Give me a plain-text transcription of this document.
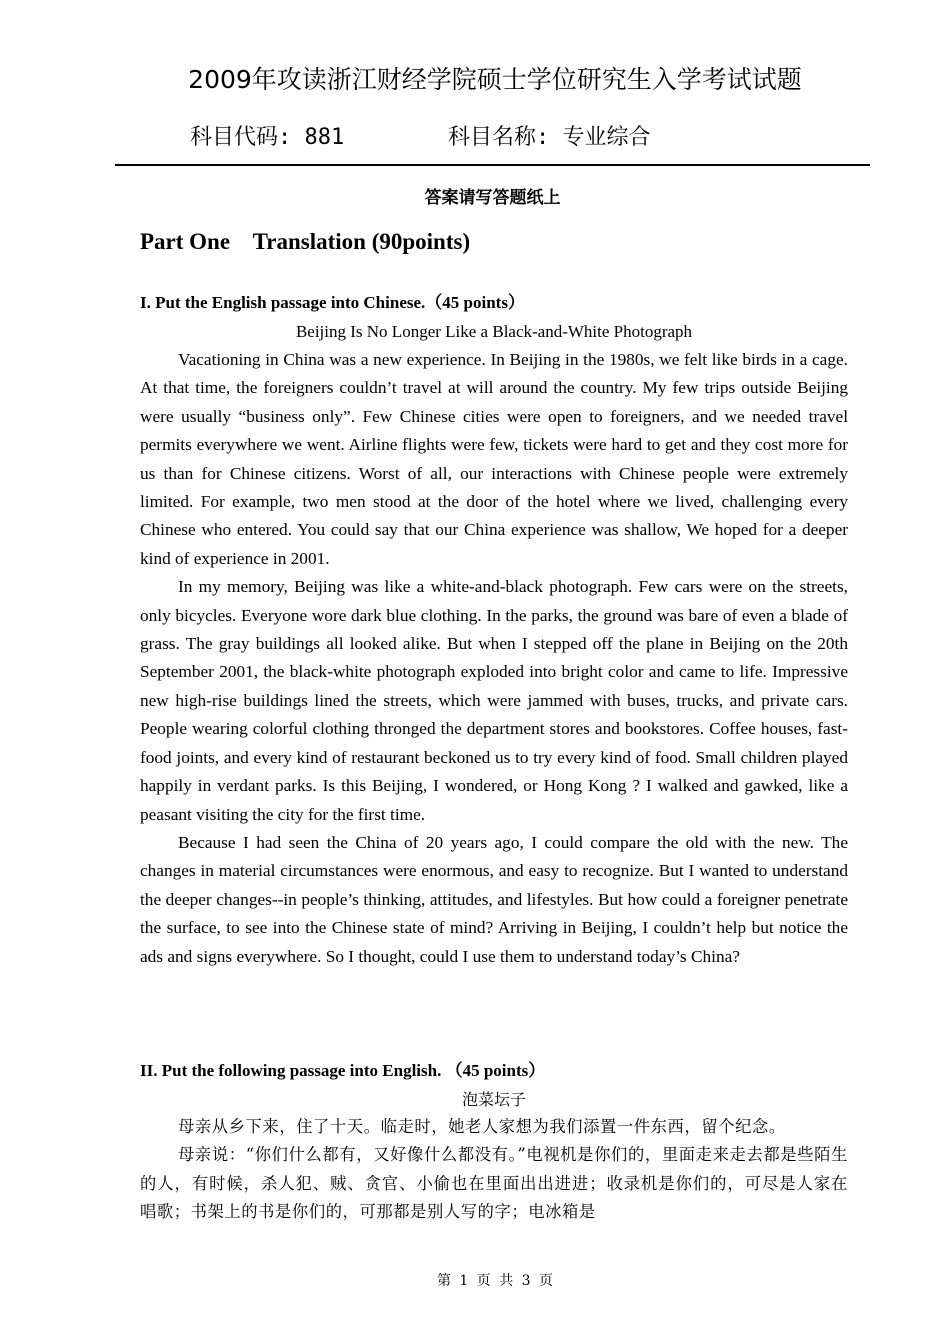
2009年攻读浙江财经学院硕士学位研究生入学考试试题
科目代码: 881	科目名称: 专业综合
答案请写答题纸上
Part One    Translation (90points)
I. Put the English passage into Chinese.（45 points）
Beijing Is No Longer Like a Black-and-White Photograph

Vacationing in China was a new experience. In Beijing in the 1980s, we felt like birds in a cage. At that time, the foreigners couldn’t travel at will around the country. My few trips outside Beijing were usually “business only”. Few Chinese cities were open to foreigners, and we needed travel permits everywhere we went. Airline flights were few, tickets were hard to get and they cost more for us than for Chinese citizens. Worst of all, our interactions with Chinese people were extremely limited. For example, two men stood at the door of the hotel where we lived, challenging every Chinese who entered. You could say that our China experience was shallow, We hoped for a deeper kind of experience in 2001.

In my memory, Beijing was like a white-and-black photograph. Few cars were on the streets, only bicycles. Everyone wore dark blue clothing. In the parks, the ground was bare of even a blade of grass. The gray buildings all looked alike. But when I stepped off the plane in Beijing on the 20th September 2001, the black-white photograph exploded into bright color and came to life. Impressive new high-rise buildings lined the streets, which were jammed with buses, trucks, and private cars. People wearing colorful clothing thronged the department stores and bookstores. Coffee houses, fast-food joints, and every kind of restaurant beckoned us to try every kind of food. Small children played happily in verdant parks. Is this Beijing, I wondered, or Hong Kong ? I walked and gawked, like a peasant visiting the city for the first time.

Because I had seen the China of 20 years ago, I could compare the old with the new. The changes in material circumstances were enormous, and easy to recognize. But I wanted to understand the deeper changes--in people’s thinking, attitudes, and lifestyles. But how could a foreigner penetrate the surface, to see into the Chinese state of mind? Arriving in Beijing, I couldn’t help but notice the ads and signs everywhere. So I thought, could I use them to understand today’s China?

II. Put the following passage into English. （45 points）
泡菜坛子

母亲从乡下来，住了十天。临走时，她老人家想为我们添置一件东西，留个纪念。

母亲说：“你们什么都有，又好像什么都没有。”电视机是你们的，里面走来走去都是些陌生的人，有时候，杀人犯、贼、贪官、小偷也在里面出出进进；收录机是你们的，可尽是人家在唱歌；书架上的书是你们的，可那都是别人写的字；电冰箱是

第 1 页 共 3 页
